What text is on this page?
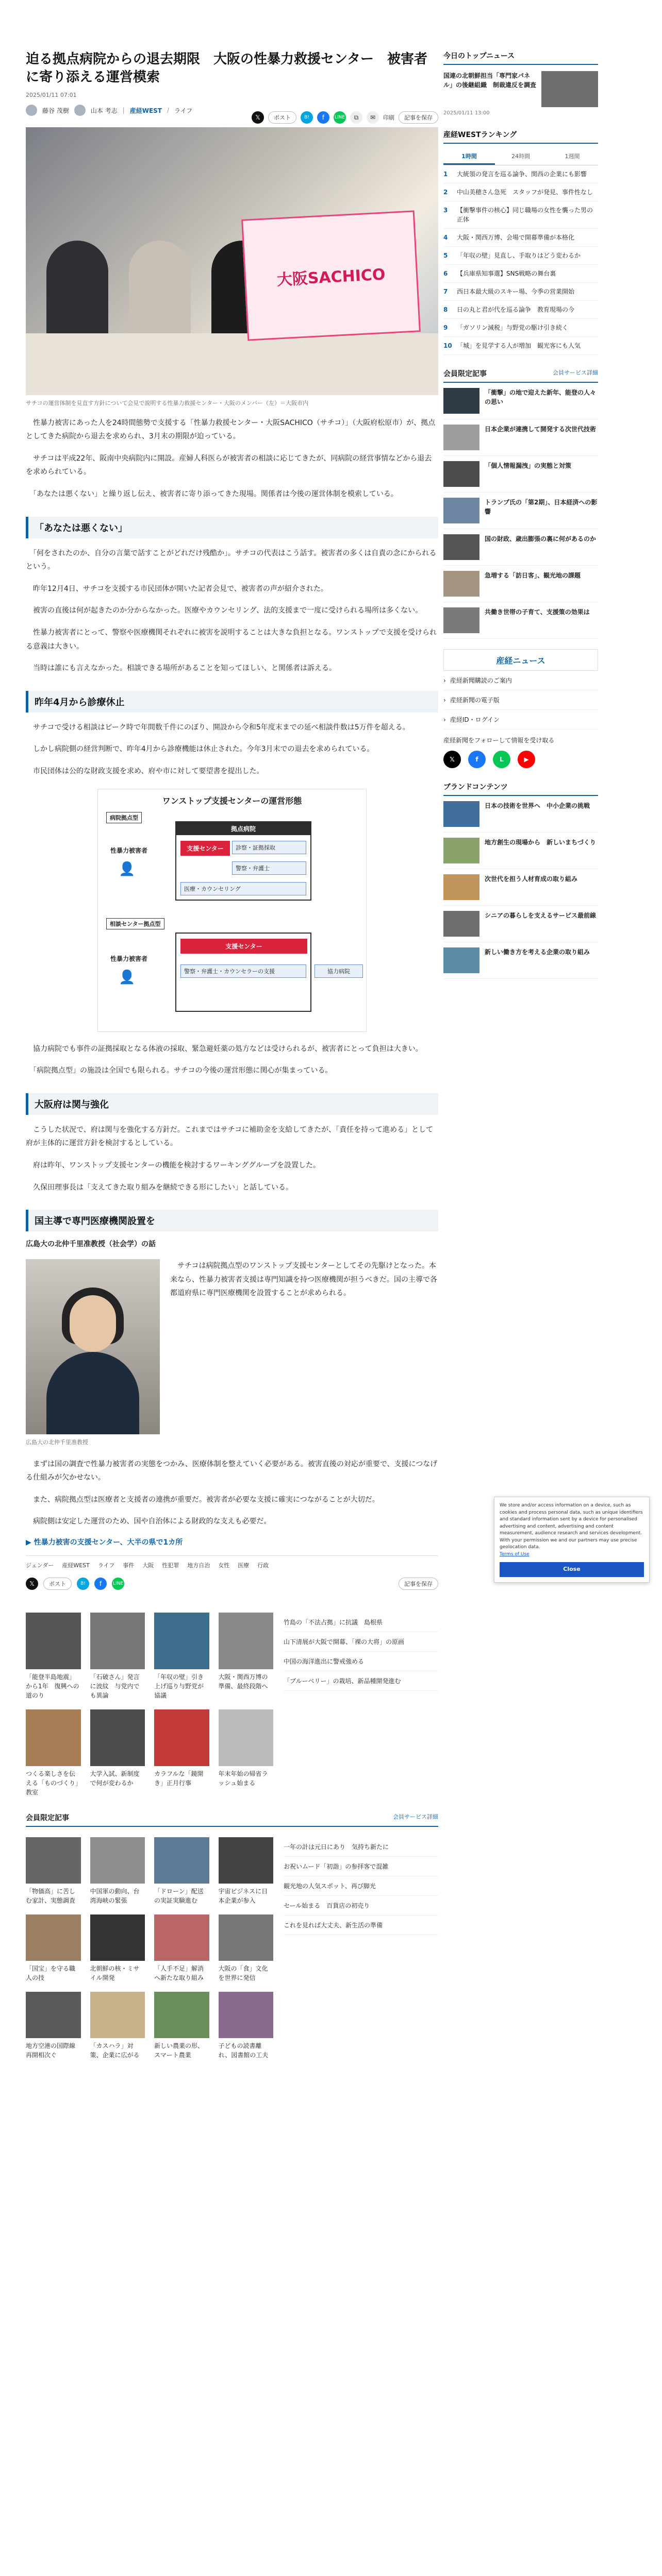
迫る拠点病院からの退去期限　大阪の性暴力救援センター　被害者に寄り添える運営模索
2025/01/11 07:01
藤谷 茂樹	山本 考志 | 産経WEST / ライフ
𝕏	ポスト	B!	f	LINE	⧉	✉	印刷	記事を保存
大阪SACHICO
サチコの運営体制を見直す方針について会見で説明する性暴力救援センター・大阪のメンバー（左）＝大阪市内

　性暴力被害にあった人を24時間態勢で支援する「性暴力救援センター・大阪SACHICO（サチコ）」（大阪府松原市）が、拠点としてきた病院から退去を求められ、3月末の期限が迫っている。

　サチコは平成22年、阪南中央病院内に開設。産婦人科医らが被害者の相談に応じてきたが、同病院の経営事情などから退去を求められている。

　「あなたは悪くない」と繰り返し伝え、被害者に寄り添ってきた現場。関係者は今後の運営体制を模索している。

「あなたは悪くない」

　「何をされたのか、自分の言葉で話すことがどれだけ残酷か」。サチコの代表はこう話す。被害者の多くは自責の念にかられるという。

　昨年12月4日、サチコを支援する市民団体が開いた記者会見で、被害者の声が紹介された。

　被害の直後は何が起きたのか分からなかった。医療やカウンセリング、法的支援まで一度に受けられる場所は多くない。

　性暴力被害者にとって、警察や医療機関それぞれに被害を説明することは大きな負担となる。ワンストップで支援を受けられる意義は大きい。

　当時は誰にも言えなかった。相談できる場所があることを知ってほしい、と関係者は訴える。

昨年4月から診療休止

　サチコで受ける相談はピーク時で年間数千件にのぼり、開設から令和5年度末までの延べ相談件数は5万件を超える。

　しかし病院側の経営判断で、昨年4月から診療機能は休止された。今年3月末での退去を求められている。

　市民団体は公的な財政支援を求め、府や市に対して要望書を提出した。

ワンストップ支援センターの運営形態
病院拠点型
拠点病院
支援センター	診察・証拠採取
警察・弁護士
医療・カウンセリング
性暴力被害者
👤
相談センター拠点型
支援センター
警察・弁護士・カウンセラーの支援	協力病院
性暴力被害者
👤

　協力病院でも事件の証拠採取となる体液の採取、緊急避妊薬の処方などは受けられるが、被害者にとって負担は大きい。

　「病院拠点型」の施設は全国でも限られる。サチコの今後の運営形態に関心が集まっている。

大阪府は関与強化

　こうした状況で、府は関与を強化する方針だ。これまではサチコに補助金を支給してきたが、「責任を持って進める」として府が主体的に運営方針を検討するとしている。

　府は昨年、ワンストップ支援センターの機能を検討するワーキンググループを設置した。

　久保田理事長は「支えてきた取り組みを継続できる形にしたい」と話している。

国主導で専門医療機関設置を
広島大の北仲千里准教授（社会学）の話
広島大の北仲千里准教授
　サチコは病院拠点型のワンストップ支援センターとしてその先駆けとなった。本来なら、性暴力被害者支援は専門知識を持つ医療機関が担うべきだ。国の主導で各都道府県に専門医療機関を設置することが求められる。

　まずは国の調査で性暴力被害者の実態をつかみ、医療体制を整えていく必要がある。被害直後の対応が重要で、支援につなげる仕組みが欠かせない。

　また、病院拠点型は医療者と支援者の連携が重要だ。被害者が必要な支援に確実につながることが大切だ。

　病院側は安定した運営のため、国や自治体による財政的な支えも必要だ。

▶ 性暴力被害の支援センター、大半の県で1カ所
ジェンダー 産経WEST ライフ 事件 大阪 性犯罪 地方自治 女性 医療 行政
𝕏	ポスト	B!	f	LINE	記事を保存
「能登半島地震」から1年　復興への道のり
「石破さん」発言に波紋　与党内でも異論
「年収の壁」引き上げ巡り与野党が協議
大阪・関西万博の準備、最終段階へ
つくる楽しさを伝える「ものづくり」教室
大学入試、新制度で何が変わるか
カラフルな「鏡開き」正月行事
年末年始の帰省ラッシュ始まる
竹島の「不法占拠」に抗議　島根県
山下清展が大阪で開幕、「裸の大将」の原画
中国の海洋進出に警戒強める
「ブルーベリー」の栽培、新品種開発進む
会員限定記事	会員サービス詳細
「物価高」に苦しむ家計、実態調査
中国軍の動向、台湾海峡の緊張
「ドローン」配送の実証実験進む
宇宙ビジネスに日本企業が参入
「国宝」を守る職人の技
北朝鮮の核・ミサイル開発
「人手不足」解消へ新たな取り組み
大阪の「食」文化を世界に発信
地方空港の国際線再開相次ぐ
「カスハラ」対策、企業に広がる
新しい農業の形、スマート農業
子どもの読書離れ、図書館の工夫
一年の計は元日にあり　気持ち新たに
お祝いムード「初詣」の参拝客で混雑
観光地の人気スポット、再び脚光
セール始まる　百貨店の初売り
これを見れば大丈夫、新生活の準備
今日のトップニュース
国連の北朝鮮担当「専門家パネル」の後継組織　制裁違反を調査
2025/01/11 13:00
産経WESTランキング
1時間	24時間	1週間
1	大統領の発言を巡る論争、関西の企業にも影響
2	中山美穂さん急死　スタッフが発見、事件性なし
3	【衝撃事件の核心】同じ職場の女性を襲った男の正体
4	大阪・関西万博、会場で開幕準備が本格化
5	「年収の壁」見直し、手取りはどう変わるか
6	【兵庫県知事選】SNS戦略の舞台裏
7	西日本最大級のスキー場、今季の営業開始
8	日の丸と君が代を巡る論争　教育現場の今
9	「ガソリン減税」与野党の駆け引き続く
10 「城」を見学する人が増加　観光客にも人気
会員限定記事	会員サービス詳細
「衝撃」の地で迎えた新年、能登の人々の思い
日本企業が連携して開発する次世代技術
「個人情報漏洩」の実態と対策
トランプ氏の「第2期」、日本経済への影響
国の財政、歳出膨張の裏に何があるのか
急増する「訪日客」、観光地の課題
共働き世帯の子育て、支援策の効果は
産経ニュース
› 産経新聞購読のご案内
› 産経新聞の電子版
› 産経ID・ログイン
産経新聞をフォローして情報を受け取る
𝕏	f	L	▶
ブランドコンテンツ
日本の技術を世界へ　中小企業の挑戦
地方創生の現場から　新しいまちづくり
次世代を担う人材育成の取り組み
シニアの暮らしを支えるサービス最前線
新しい働き方を考える企業の取り組み
We store and/or access information on a device, such as cookies and process personal data, such as unique identifiers and standard information sent by a device for personalised advertising and content, advertising and content measurement, audience research and services development. With your permission we and our partners may use precise geolocation data.
Terms of Use
Close
